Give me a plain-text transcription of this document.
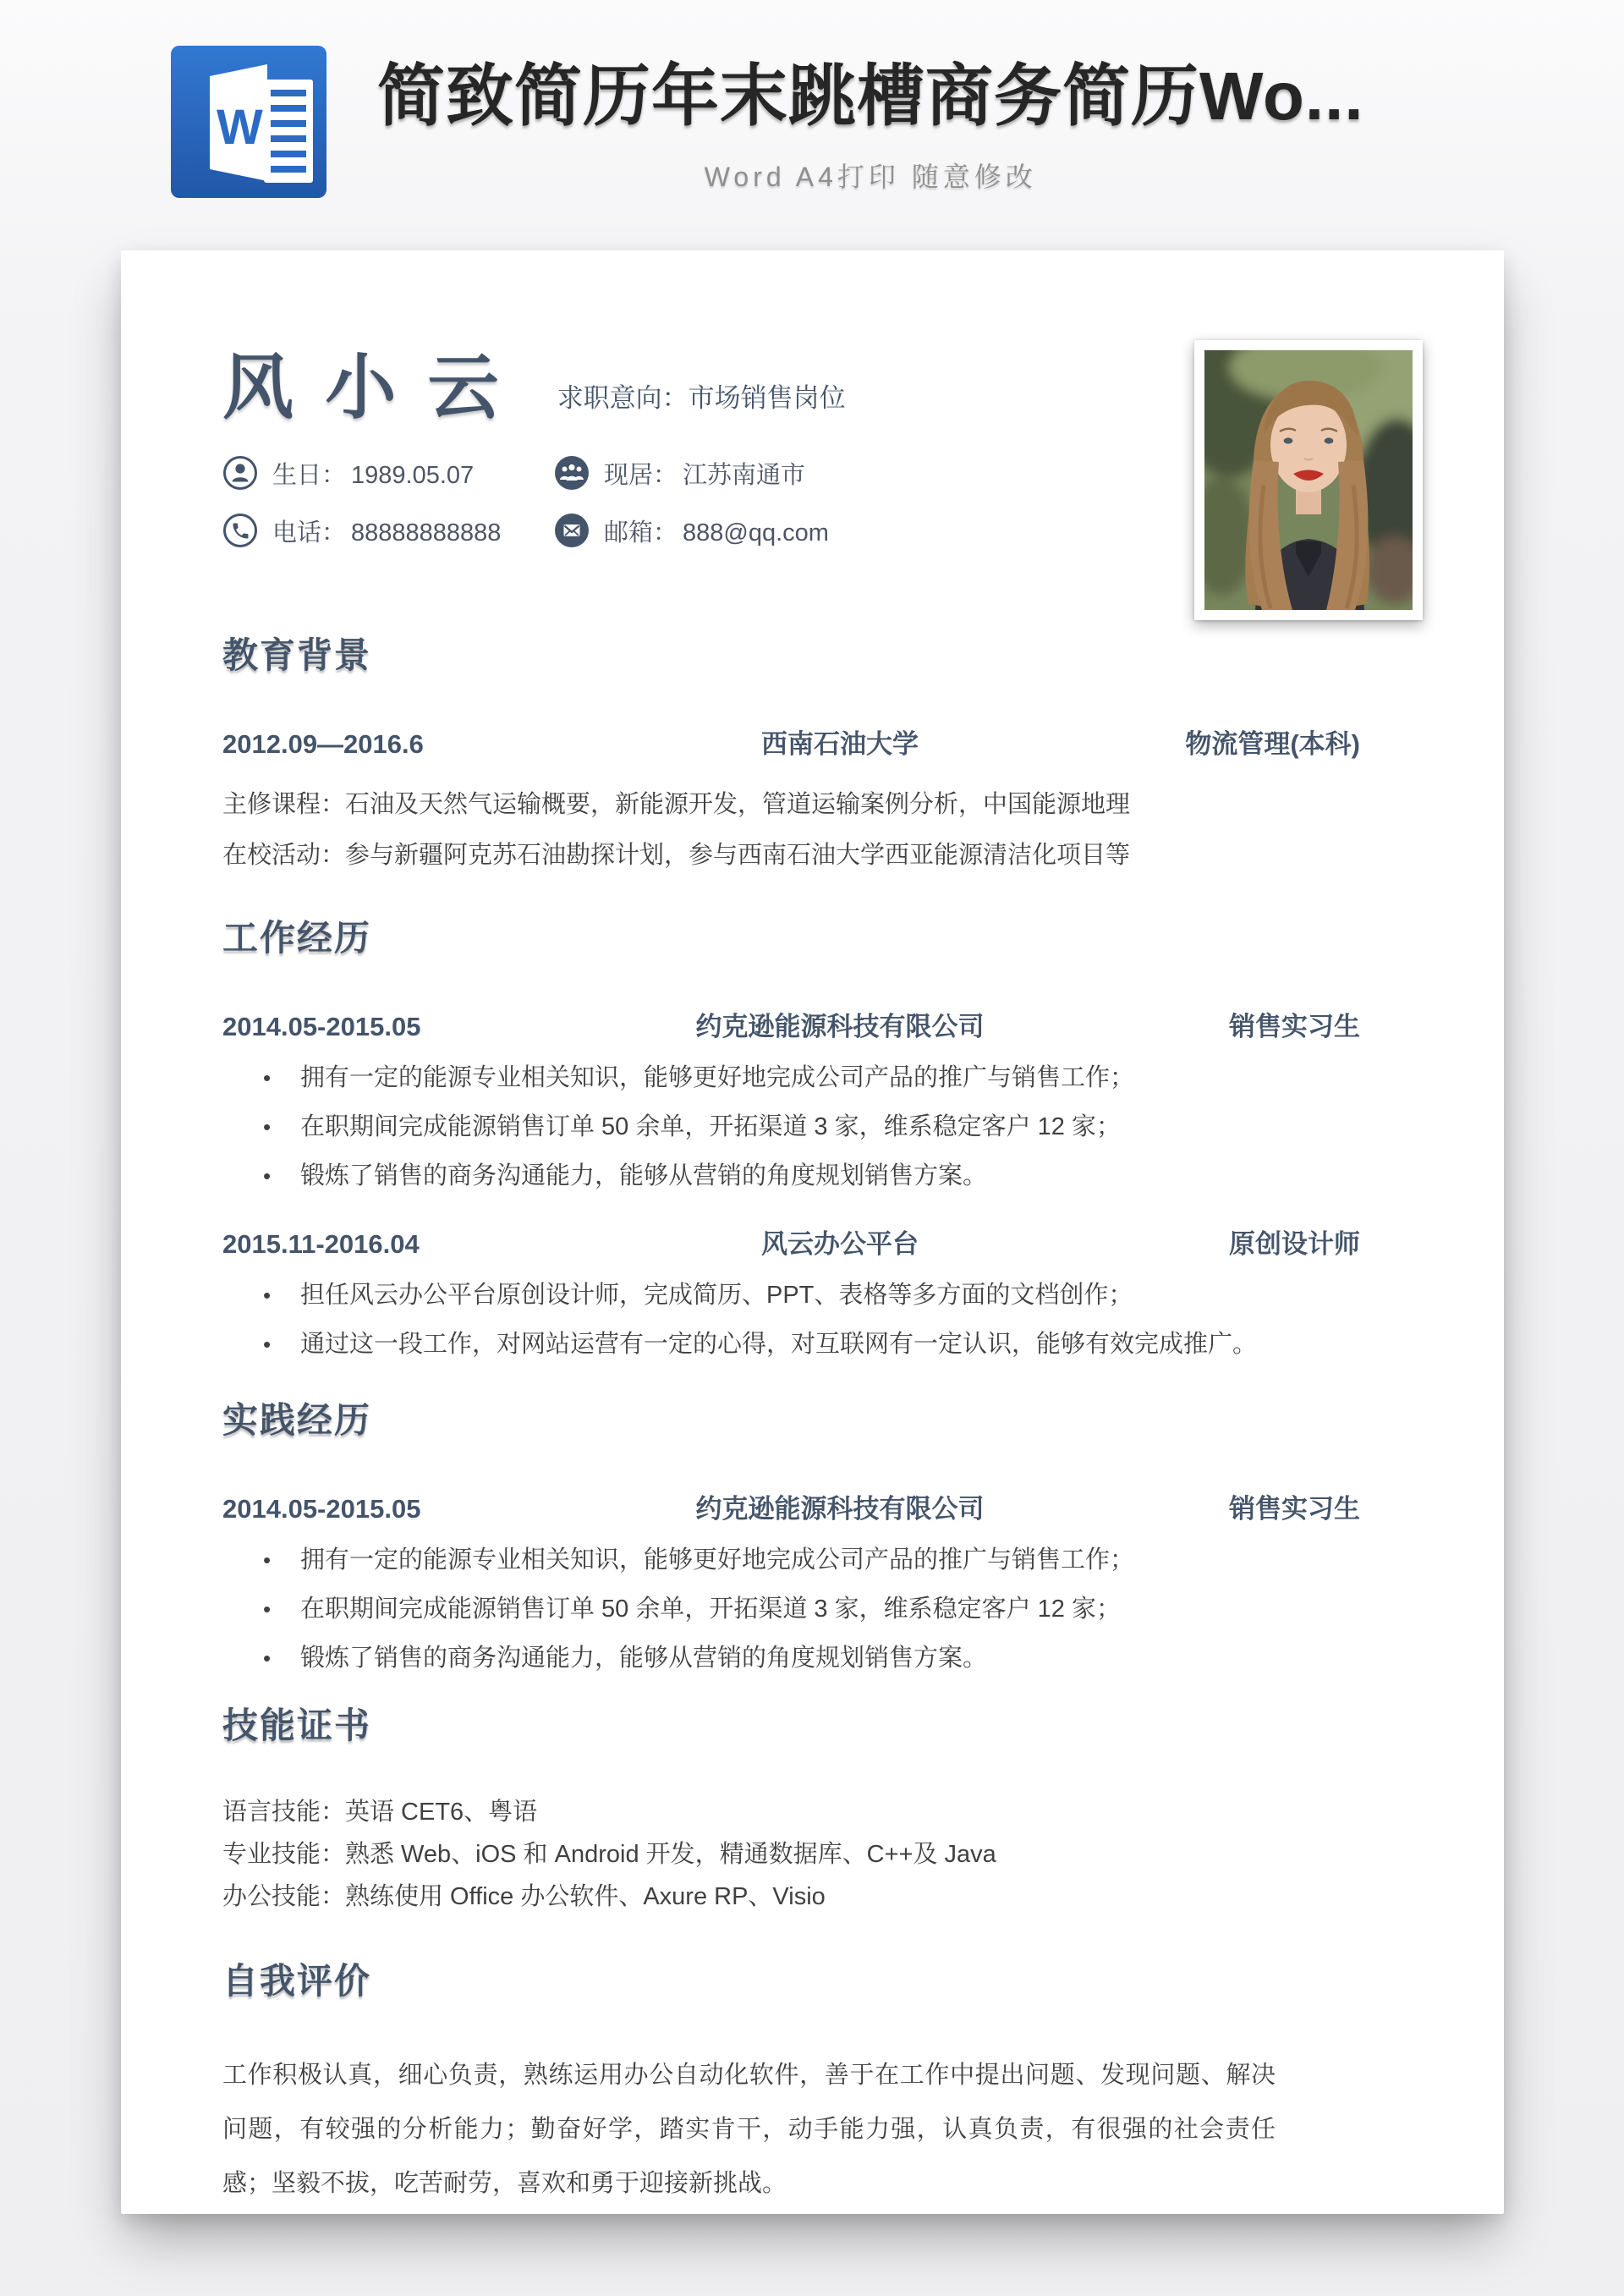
W 简致简历年末跳槽商务简历Wo...
Word A4打印 随意修改
风 小 云 求职意向：市场销售岗位
生日： 1989.05.07	现居： 江苏南通市
电话： 88888888888	邮箱： 888@qq.com
教育背景
2012.09—2016.6	西南石油大学	物流管理(本科)
主修课程：石油及天然气运输概要，新能源开发，管道运输案例分析，中国能源地理
在校活动：参与新疆阿克苏石油勘探计划，参与西南石油大学西亚能源清洁化项目等
工作经历
2014.05-2015.05	约克逊能源科技有限公司	销售实习生
• 拥有一定的能源专业相关知识，能够更好地完成公司产品的推广与销售工作；
• 在职期间完成能源销售订单 50 余单，开拓渠道 3 家，维系稳定客户 12 家；
• 锻炼了销售的商务沟通能力，能够从营销的角度规划销售方案。
2015.11-2016.04	风云办公平台	原创设计师
• 担任风云办公平台原创设计师，完成简历、PPT、表格等多方面的文档创作；
• 通过这一段工作，对网站运营有一定的心得，对互联网有一定认识，能够有效完成推广。
实践经历
2014.05-2015.05	约克逊能源科技有限公司	销售实习生
• 拥有一定的能源专业相关知识，能够更好地完成公司产品的推广与销售工作；
• 在职期间完成能源销售订单 50 余单，开拓渠道 3 家，维系稳定客户 12 家；
• 锻炼了销售的商务沟通能力，能够从营销的角度规划销售方案。
技能证书
语言技能：英语 CET6、粤语
专业技能：熟悉 Web、iOS 和 Android 开发，精通数据库、C++及 Java
办公技能：熟练使用 Office 办公软件、Axure RP、Visio
自我评价
工作积极认真，细心负责，熟练运用办公自动化软件，善于在工作中提出问题、发现问题、解决问题，有较强的分析能力；勤奋好学，踏实肯干，动手能力强，认真负责，有很强的社会责任感；坚毅不拔，吃苦耐劳，喜欢和勇于迎接新挑战。
